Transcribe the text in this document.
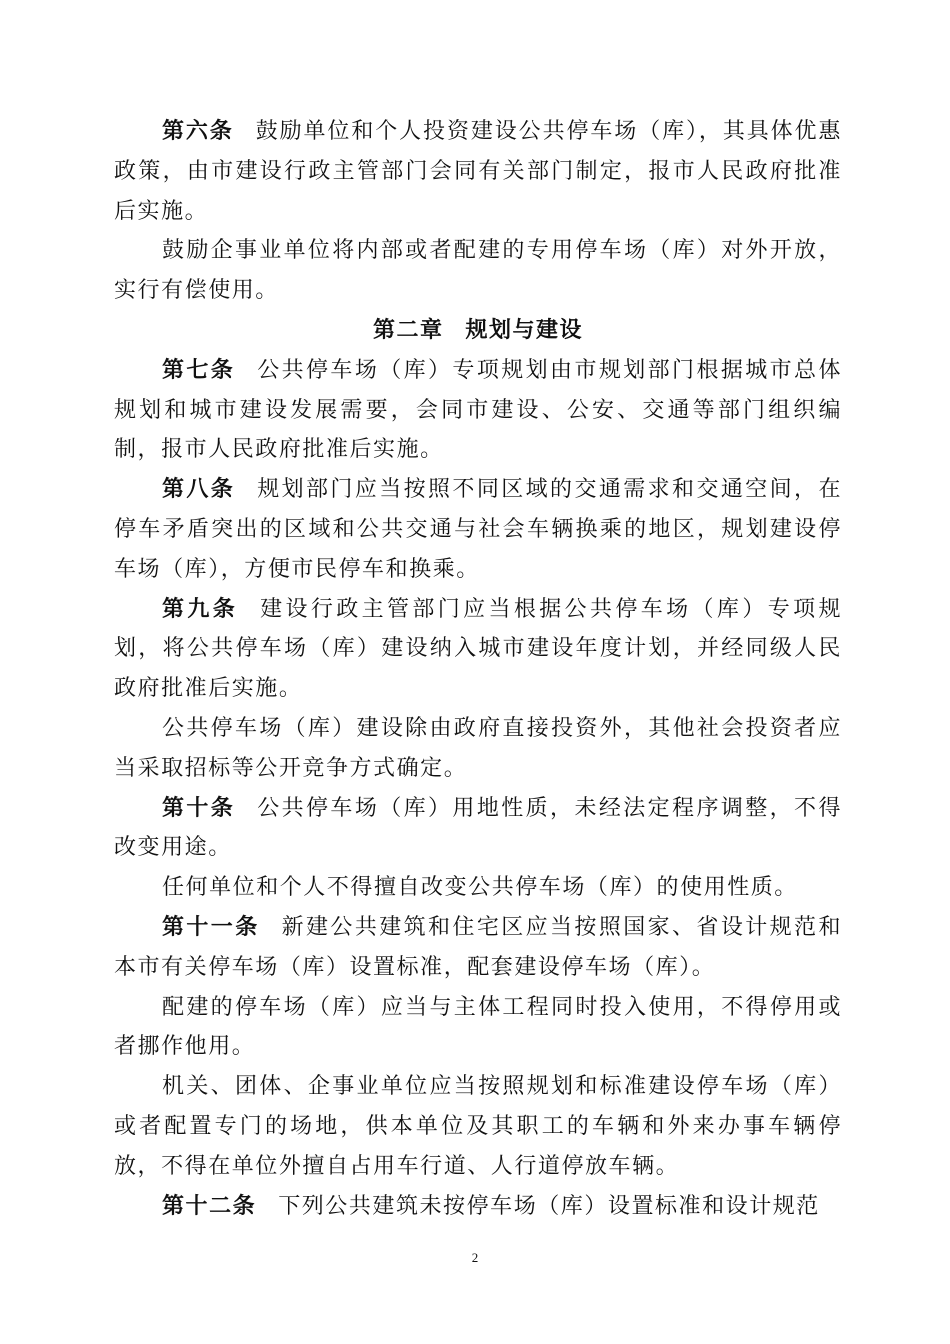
第六条 鼓励单位和个人投资建设公共停车场（库），其具体优惠政策，由市建设行政主管部门会同有关部门制定，报市人民政府批准后实施。

鼓励企事业单位将内部或者配建的专用停车场（库）对外开放，实行有偿使用。

第二章 规划与建设

第七条 公共停车场（库）专项规划由市规划部门根据城市总体规划和城市建设发展需要，会同市建设、公安、交通等部门组织编制，报市人民政府批准后实施。

第八条 规划部门应当按照不同区域的交通需求和交通空间，在停车矛盾突出的区域和公共交通与社会车辆换乘的地区，规划建设停车场（库），方便市民停车和换乘。

第九条 建设行政主管部门应当根据公共停车场（库）专项规划，将公共停车场（库）建设纳入城市建设年度计划，并经同级人民政府批准后实施。

公共停车场（库）建设除由政府直接投资外，其他社会投资者应当采取招标等公开竞争方式确定。

第十条 公共停车场（库）用地性质，未经法定程序调整，不得改变用途。

任何单位和个人不得擅自改变公共停车场（库）的使用性质。

第十一条 新建公共建筑和住宅区应当按照国家、省设计规范和本市有关停车场（库）设置标准，配套建设停车场（库）。

配建的停车场（库）应当与主体工程同时投入使用，不得停用或者挪作他用。

机关、团体、企事业单位应当按照规划和标准建设停车场（库）或者配置专门的场地，供本单位及其职工的车辆和外来办事车辆停放，不得在单位外擅自占用车行道、人行道停放车辆。

第十二条 下列公共建筑未按停车场（库）设置标准和设计规范

2
